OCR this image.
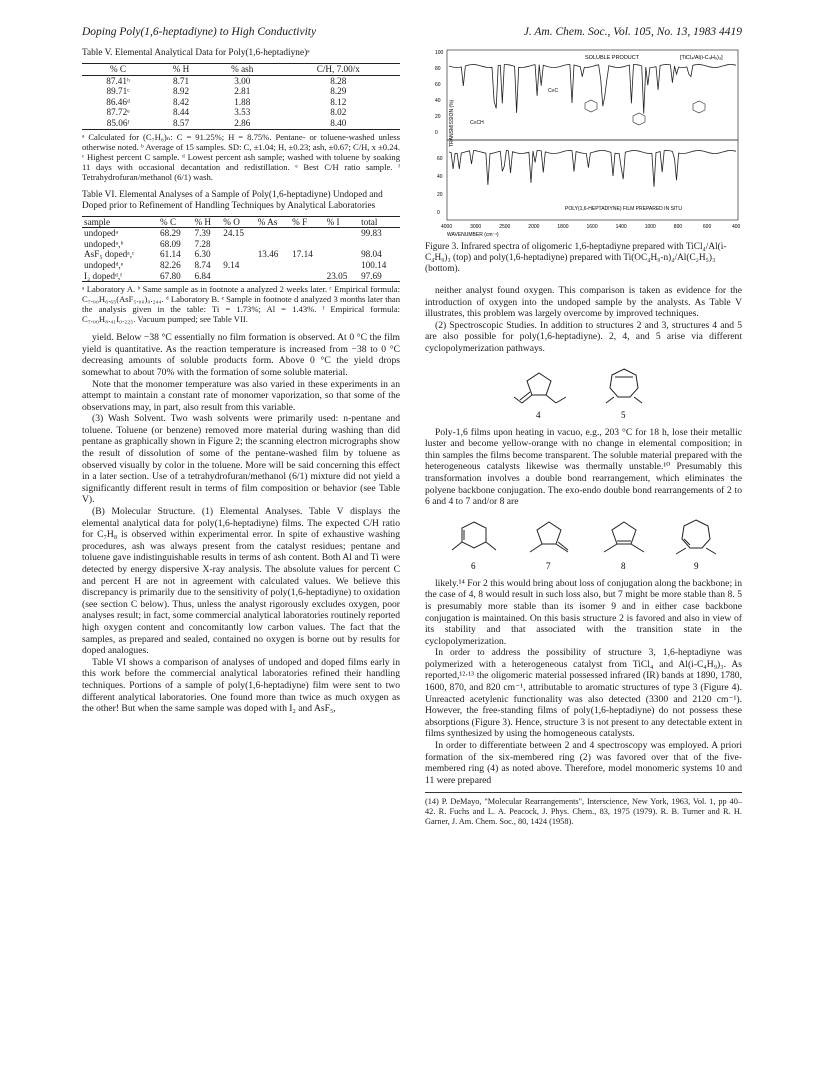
Doping Poly(1,6-heptadiyne) to High Conductivity	J. Am. Chem. Soc., Vol. 105, No. 13, 1983 4419
Table V. Elemental Analytical Data for Poly(1,6-heptadiyne)ᵃ
% C	% H	% ash	C/H, 7.00/x
87.41ᵇ	8.71	3.00	8.28
89.71ᶜ	8.92	2.81	8.29
86.46ᵈ	8.42	1.88	8.12
87.72ᵉ	8.44	3.53	8.02
85.06ᶠ	8.57	2.86	8.40
ᵃ Calculated for (C₇H₈)ₙ: C = 91.25%; H = 8.75%. Pentane- or toluene-washed unless otherwise noted. ᵇ Average of 15 samples. SD: C, ±1.04; H, ±0.23; ash, ±0.67; C/H, x ±0.24. ᶜ Highest percent C sample. ᵈ Lowest percent ash sample; washed with toluene by soaking 11 days with occasional decantation and redistillation. ᵉ Best C/H ratio sample. ᶠ Tetrahydrofuran/methanol (6/1) wash.
Table VI. Elemental Analyses of a Sample of Poly(1,6-heptadiyne) Undoped and Doped prior to Refinement of Handling Techniques by Analytical Laboratories
sample	% C	% H	% O	% As	% F	% I	total
undopedᵃ	68.29	7.39	24.15				99.83
undopedᵃ,ᵇ	68.09	7.28					
AsF₅ dopedᵃ,ᶜ	61.14	6.30		13.46	17.14		98.04
undopedᵈ,ᵉ	82.26	8.74	9.14				100.14
I₂ dopedᵈ,ᶠ	67.80	6.84				23.05	97.69
ᵃ Laboratory A. ᵇ Same sample as in footnote a analyzed 2 weeks later. ᶜ Empirical formula: C₇.₀₀H₆.₆₅(AsF₅.₀₀)₀.₂₄₄. ᵈ Laboratory B. ᵉ Sample in footnote d analyzed 3 months later than the analysis given in the table: Ti = 1.73%; Al = 1.43%. ᶠ Empirical formula: C₇.₀₀H₈.₄₁I₀.₂₂₅. Vacuum pumped; see Table VII.

yield. Below −38 °C essentially no film formation is observed. At 0 °C the film yield is quantitative. As the reaction temperature is increased from −38 to 0 °C decreasing amounts of soluble products form. Above 0 °C the yield drops somewhat to about 70% with the formation of some soluble material.

Note that the monomer temperature was also varied in these experiments in an attempt to maintain a constant rate of monomer vaporization, so that some of the observations may, in part, also result from this variable.

(3) Wash Solvent. Two wash solvents were primarily used: n-pentane and toluene. Toluene (or benzene) removed more material during washing than did pentane as graphically shown in Figure 2; the scanning electron micrographs show the result of dissolution of some of the pentane-washed film by toluene as observed visually by color in the toluene. More will be said concerning this effect in a later section. Use of a tetrahydrofuran/methanol (6/1) mixture did not yield a significantly different result in terms of film composition or behavior (see Table V).

(B) Molecular Structure. (1) Elemental Analyses. Table V displays the elemental analytical data for poly(1,6-heptadiyne) films. The expected C/H ratio for C₇H₈ is observed within experimental error. In spite of exhaustive washing procedures, ash was always present from the catalyst residues; pentane and toluene gave indistinguishable results in terms of ash content. Both Al and Ti were detected by energy dispersive X-ray analysis. The absolute values for percent C and percent H are not in agreement with calculated values. We believe this discrepancy is primarily due to the sensitivity of poly(1,6-heptadiyne) to oxidation (see section C below). Thus, unless the analyst rigorously excludes oxygen, poor analyses result; in fact, some commercial analytical laboratories routinely reported high oxygen content and concomitantly low carbon values. The fact that the samples, as prepared and sealed, contained no oxygen is borne out by results for doped analogues.

Table VI shows a comparison of analyses of undoped and doped films early in this work before the commercial analytical laboratories refined their handling techniques. Portions of a sample of poly(1,6-heptadiyne) film were sent to two different analytical laboratories. One found more than twice as much oxygen as the other! But when the same sample was doped with I₂ and AsF₅,

4000	3000	2500	2000	1800	1600	1400	1000	800	600	400
100
80
60
40
20
0
60
40
20
0
SOLUBLE PRODUCT	[TiCl₄/Al(i-C₄H₉)₃]
POLY(1,6-HEPTADIYNE) FILM PREPARED IN SITU
C≡C
C≡CH
TRANSMISSION (%)
WAVENUMBER (cm⁻¹)
Figure 3. Infrared spectra of oligomeric 1,6-heptadiyne prepared with TiCl₄/Al(i-C₄H₉)₃ (top) and poly(1,6-heptadiyne) prepared with Ti(OC₄H₉-n)₄/Al(C₂H₅)₃ (bottom).

neither analyst found oxygen. This comparison is taken as evidence for the introduction of oxygen into the undoped sample by the analysts. As Table V illustrates, this problem was largely overcome by improved techniques.

(2) Spectroscopic Studies. In addition to structures 2 and 3, structures 4 and 5 are also possible for poly(1,6-heptadiyne). 2, 4, and 5 arise via different cyclopolymerization pathways.

4	5

Poly-1,6 films upon heating in vacuo, e.g., 203 °C for 18 h, lose their metallic luster and become yellow-orange with no change in elemental composition; in thin samples the films become transparent. The soluble material prepared with the heterogeneous catalysts likewise was thermally unstable.¹⁰ Presumably this transformation involves a double bond rearrangement, which eliminates the polyene backbone conjugation. The exo-endo double bond rearrangements of 2 to 6 and 4 to 7 and/or 8 are

6	7	8	9

likely.¹⁴ For 2 this would bring about loss of conjugation along the backbone; in the case of 4, 8 would result in such loss also, but 7 might be more stable than 8. 5 is presumably more stable than its isomer 9 and in either case backbone conjugation is maintained. On this basis structure 2 is favored and also in view of its stability and that associated with the transition state in the cyclopolymerization.

In order to address the possibility of structure 3, 1,6-heptadiyne was polymerized with a heterogeneous catalyst from TiCl₄ and Al(i-C₄H₉)₃. As reported,¹²·¹³ the oligomeric material possessed infrared (IR) bands at 1890, 1780, 1600, 870, and 820 cm⁻¹, attributable to aromatic structures of type 3 (Figure 4). Unreacted acetylenic functionality was also detected (3300 and 2120 cm⁻¹). However, the free-standing films of poly(1,6-heptadiyne) do not possess these absorptions (Figure 3). Hence, structure 3 is not present to any detectable extent in films synthesized by using the homogeneous catalysts.

In order to differentiate between 2 and 4 spectroscopy was employed. A priori formation of the six-membered ring (2) was favored over that of the five-membered ring (4) as noted above. Therefore, model monomeric systems 10 and 11 were prepared

(14) P. DeMayo, "Molecular Rearrangements", Interscience, New York, 1963, Vol. 1, pp 40–42. R. Fuchs and L. A. Peacock, J. Phys. Chem., 83, 1975 (1979). R. B. Turner and R. H. Garner, J. Am. Chem. Soc., 80, 1424 (1958).
